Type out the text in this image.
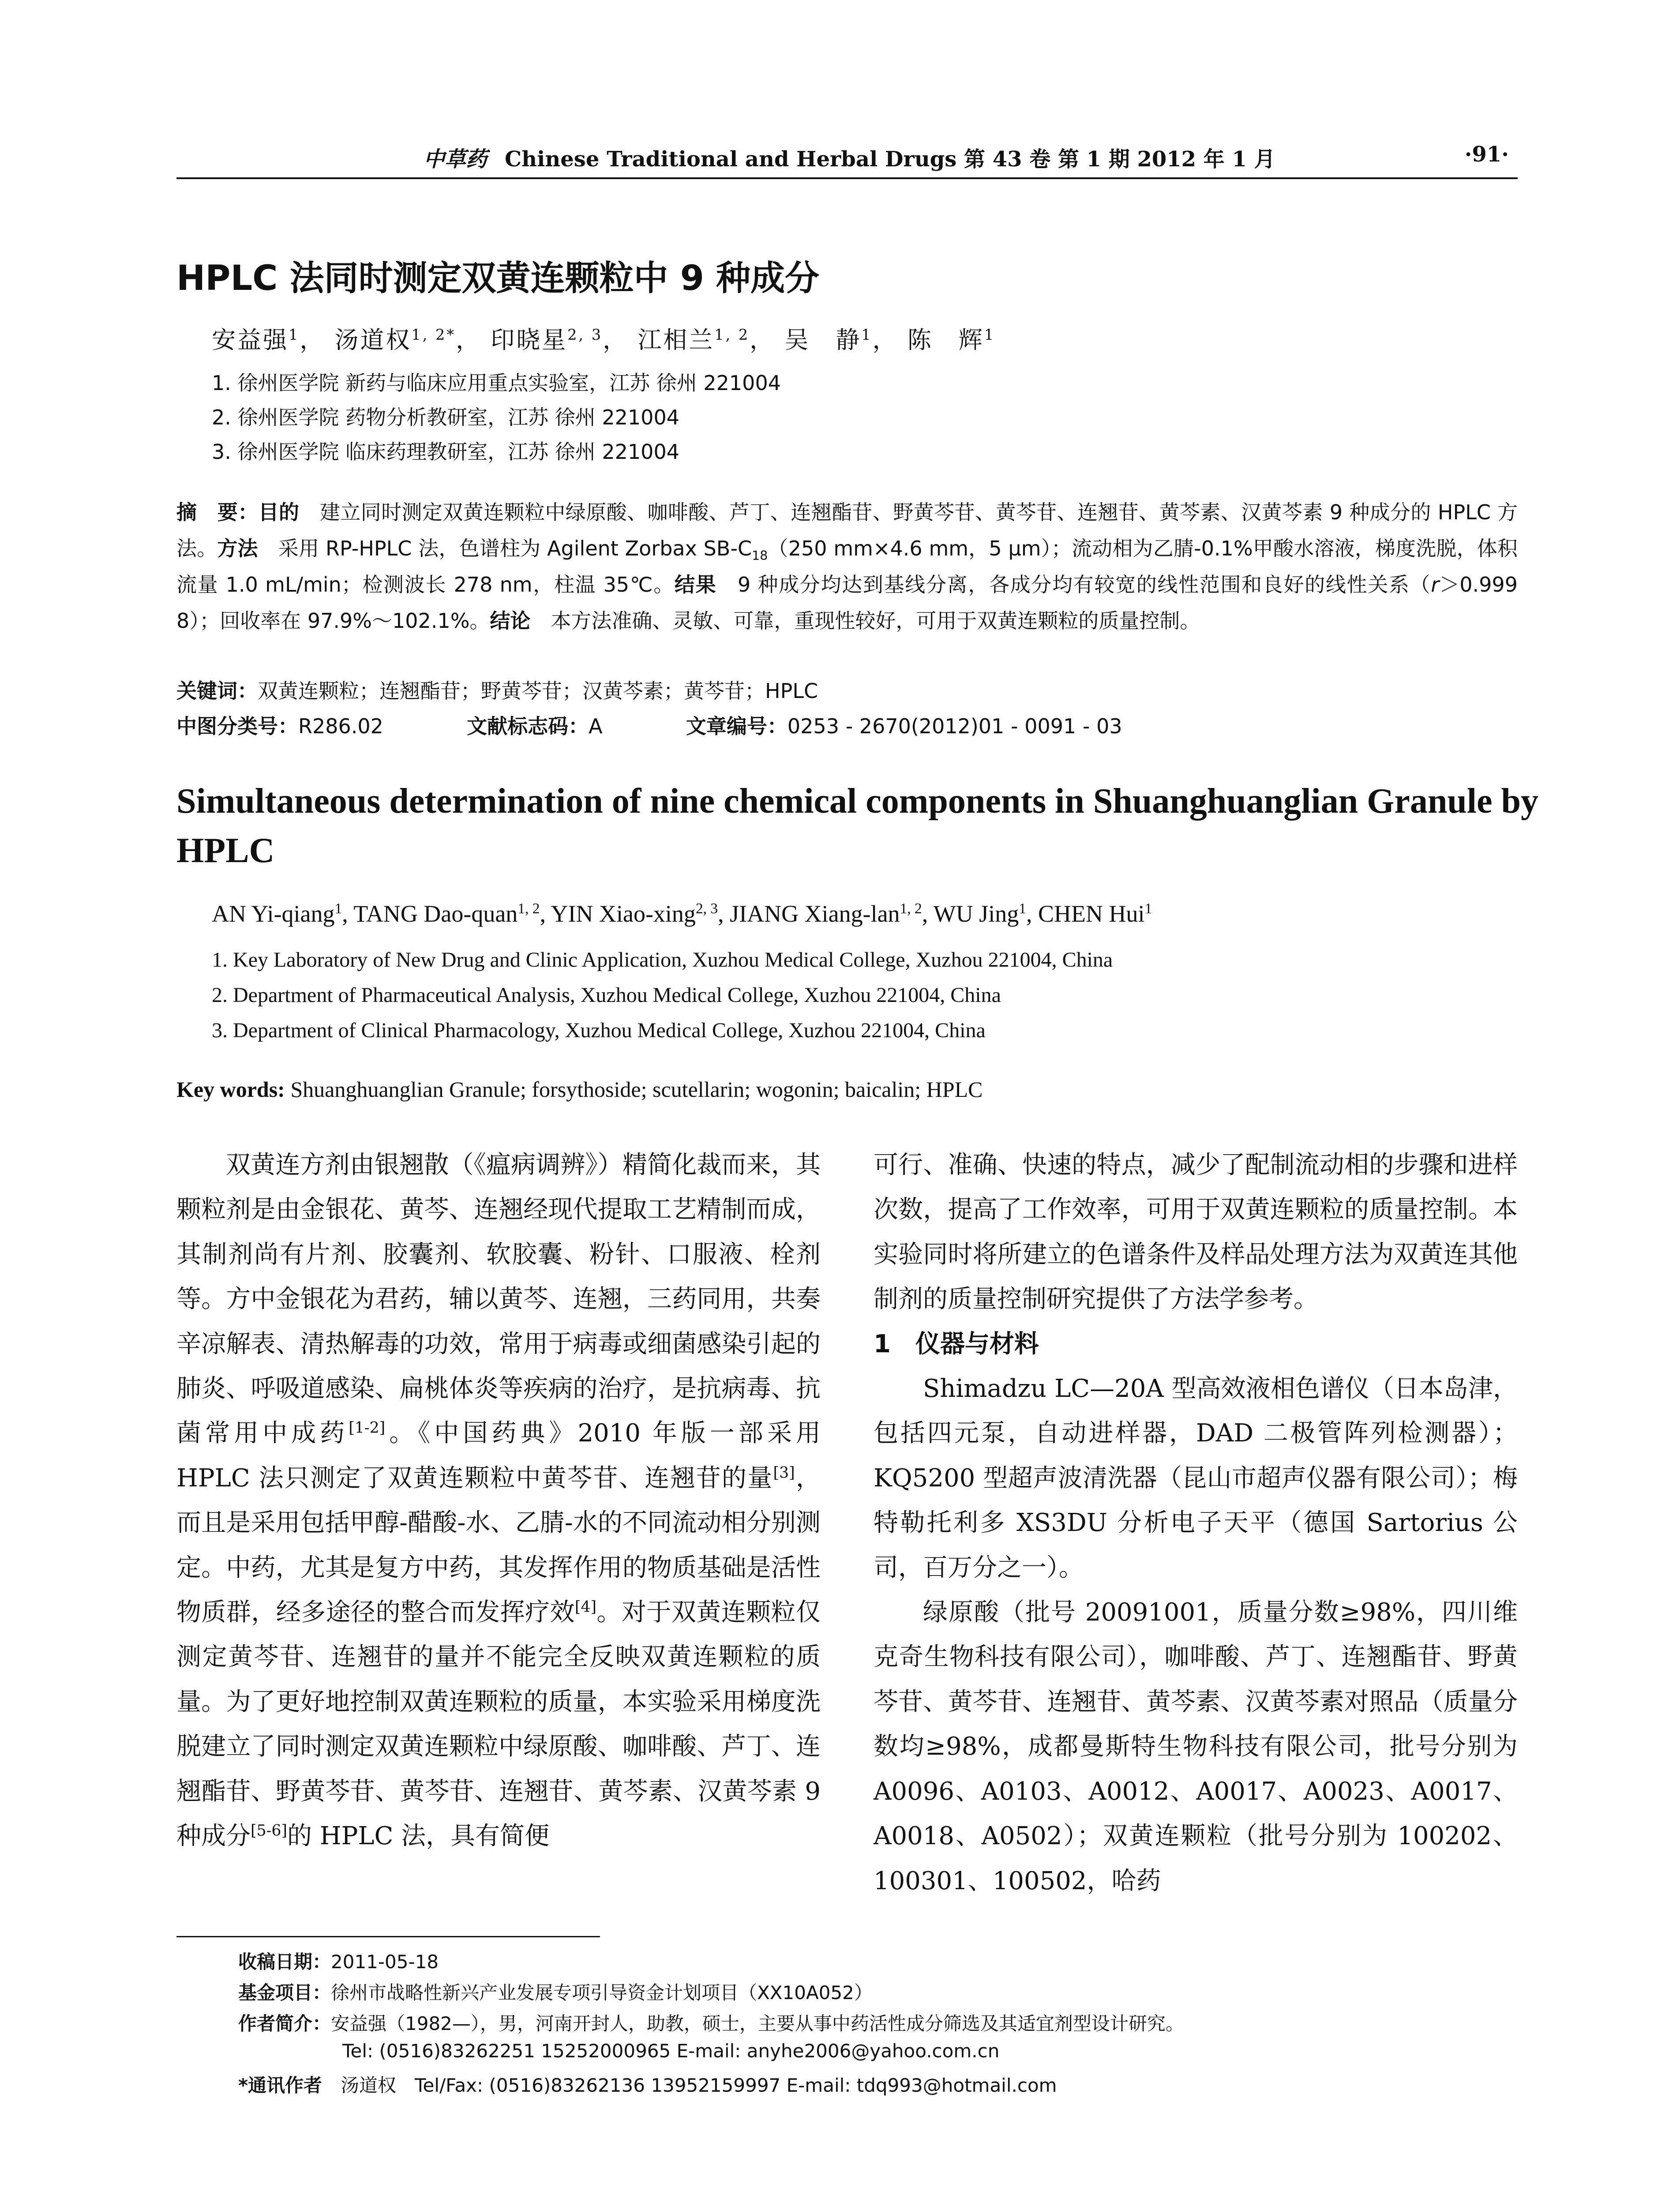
中草药 Chinese Traditional and Herbal Drugs 第 43 卷 第 1 期 2012 年 1 月	·91·
HPLC 法同时测定双黄连颗粒中 9 种成分
安益强$^1$， 汤道权$^{1, 2*}$， 印晓星$^{2, 3}$， 江相兰$^{1, 2}$， 吴　静$^1$， 陈　辉$^1$
1. 徐州医学院 新药与临床应用重点实验室，江苏 徐州 221004
2. 徐州医学院 药物分析教研室，江苏 徐州 221004
3. 徐州医学院 临床药理教研室，江苏 徐州 221004
摘　要：目的　建立同时测定双黄连颗粒中绿原酸、咖啡酸、芦丁、连翘酯苷、野黄芩苷、黄芩苷、连翘苷、黄芩素、汉黄芩素 9 种成分的 HPLC 方法。方法　采用 RP-HPLC 法，色谱柱为 Agilent Zorbax $SB-C_{18}(250$ mm×4.6 mm，5 μm）；流动相为乙腈-0.1%甲酸水溶液，梯度洗脱，体积流量 1.0 mL/min；检测波长 278 nm，柱温 35℃。结果　9 种成分均达到基线分离，各成分均有较宽的线性范围和良好的线性关系（r＞0.999 8）；回收率在 97.9%～102.1%。结论　本方法准确、灵敏、可靠，重现性较好，可用于双黄连颗粒的质量控制。
关键词：双黄连颗粒；连翘酯苷；野黄芩苷；汉黄芩素；黄芩苷；HPLC
中图分类号：R286.02	文献标志码：A	文章编号：0253 - 2670(2012)01 - 0091 - 03
Simultaneous determination of nine chemical components in Shuanghuanglian Granule by HPLC
AN Yi-qiang$^1$, TANG Dao-quan$^{1, 2}$, YIN Xiao-xing$^{2, 3}$, JIANG Xiang-lan$^{1, 2}$, WU Jing$^1$, CHEN Hui$^1$
1. Key Laboratory of New Drug and Clinic Application, Xuzhou Medical College, Xuzhou 221004, China
2. Department of Pharmaceutical Analysis, Xuzhou Medical College, Xuzhou 221004, China
3. Department of Clinical Pharmacology, Xuzhou Medical College, Xuzhou 221004, China
Key words: Shuanghuanglian Granule; forsythoside; scutellarin; wogonin; baicalin; HPLC

双黄连方剂由银翘散（《瘟病调辨》）精简化裁而来，其颗粒剂是由金银花、黄芩、连翘经现代提取工艺精制而成，其制剂尚有片剂、胶囊剂、软胶囊、粉针、口服液、栓剂等。方中金银花为君药，辅以黄芩、连翘，三药同用，共奏辛凉解表、清热解毒的功效，常用于病毒或细菌感染引起的肺炎、呼吸道感染、扁桃体炎等疾病的治疗，是抗病毒、抗菌常用中成药[1-2]。《中国药典》2010 年版一部采用 HPLC 法只测定了双黄连颗粒中黄芩苷、连翘苷的量[3]，而且是采用包括甲醇-醋酸-水、乙腈-水的不同流动相分别测定。中药，尤其是复方中药，其发挥作用的物质基础是活性物质群，经多途径的整合而发挥疗效[4]。对于双黄连颗粒仅测定黄芩苷、连翘苷的量并不能完全反映双黄连颗粒的质量。为了更好地控制双黄连颗粒的质量，本实验采用梯度洗脱建立了同时测定双黄连颗粒中绿原酸、咖啡酸、芦丁、连翘酯苷、野黄芩苷、黄芩苷、连翘苷、黄芩素、汉黄芩素 9 种成分[5-6]的 HPLC 法，具有简便

可行、准确、快速的特点，减少了配制流动相的步骤和进样次数，提高了工作效率，可用于双黄连颗粒的质量控制。本实验同时将所建立的色谱条件及样品处理方法为双黄连其他制剂的质量控制研究提供了方法学参考。

1　仪器与材料

Shimadzu LC—20A 型高效液相色谱仪（日本岛津，包括四元泵，自动进样器，DAD 二极管阵列检测器）；KQ5200 型超声波清洗器（昆山市超声仪器有限公司）；梅特勒托利多 XS3DU 分析电子天平（德国 Sartorius 公司，百万分之一）。

绿原酸（批号 20091001，质量分数≥98%，四川维克奇生物科技有限公司），咖啡酸、芦丁、连翘酯苷、野黄芩苷、黄芩苷、连翘苷、黄芩素、汉黄芩素对照品（质量分数均≥98%，成都曼斯特生物科技有限公司，批号分别为 A0096、A0103、A0012、A0017、A0023、A0017、A0018、A0502）；双黄连颗粒（批号分别为 100202、100301、100502，哈药

收稿日期：2011-05-18
基金项目：徐州市战略性新兴产业发展专项引导资金计划项目（XX10A052）
作者简介：安益强（1982—），男，河南开封人，助教，硕士，主要从事中药活性成分筛选及其适宜剂型设计研究。
Tel: (0516)83262251 15252000965 E-mail: anyhe2006@yahoo.com.cn
*通讯作者　汤道权　Tel/Fax: (0516)83262136 13952159997 E-mail: tdq993@hotmail.com
